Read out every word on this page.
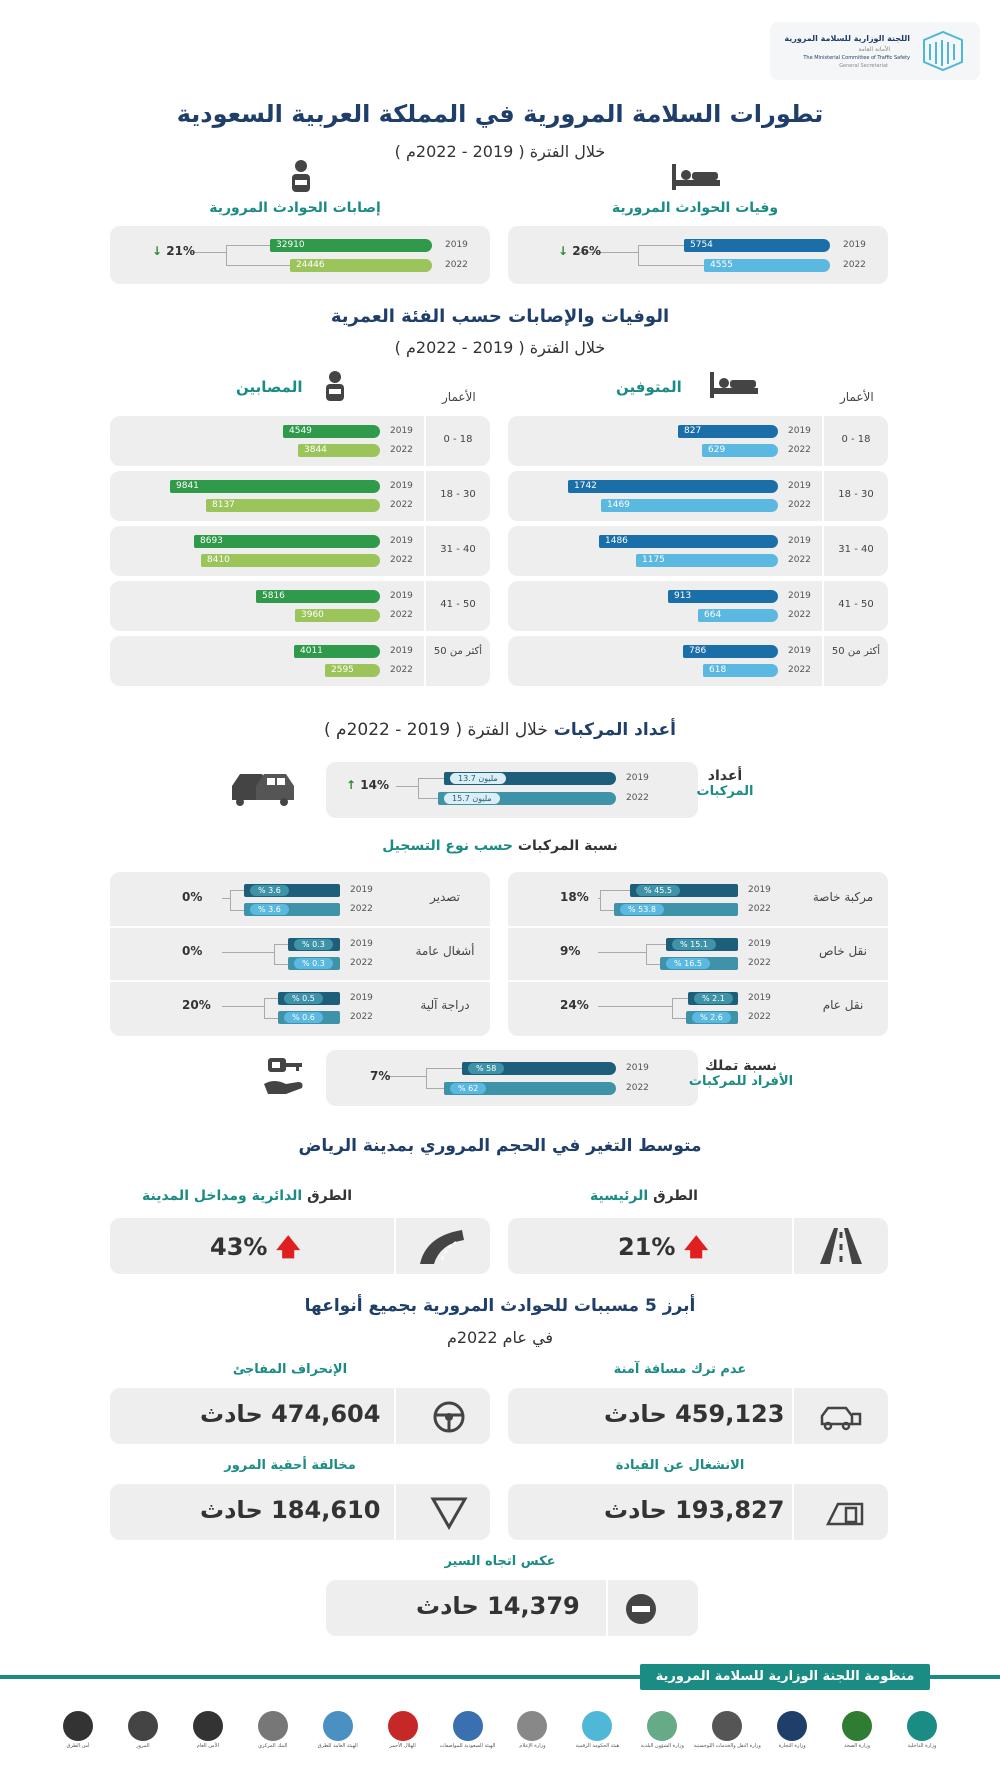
اللجنة الوزارية للسلامة المرورية
الأمانة العامة
The Ministerial Committee of Traffic Safety
General Secretariat
تطورات السلامة المرورية في المملكة العربية السعودية
خلال الفترة ( 2019 - 2022م )
وفيات الحوادث المرورية
5754
4555
2019
2022
↓ 26%
إصابات الحوادث المرورية
32910
24446
2019
2022
↓ 21%
الوفيات والإصابات حسب الفئة العمرية
خلال الفترة ( 2019 - 2022م )
الأعمار
المتوفين
الأعمار
المصابين
18 - 0
2019
2022
827
629
18 - 0
2019
2022
4549
3844
30 - 18
2019
2022
1742
1469
30 - 18
2019
2022
9841
8137
40 - 31
2019
2022
1486
1175
40 - 31
2019
2022
8693
8410
50 - 41
2019
2022
913
664
50 - 41
2019
2022
5816
3960
أكثر من 50
2019
2022
786
618
أكثر من 50
2019
2022
4011
2595
أعداد المركبات خلال الفترة ( 2019 - 2022م )
13.7 مليون
15.7 مليون
2019
2022
↑ 14%
أعداد
المركبات
نسبة المركبات حسب نوع التسجيل
مركبة خاصة
2019
2022
% 45.5
% 53.8
18%
تصدير
2019
2022
% 3.6
% 3.6
0%
نقل خاص
2019
2022
% 15.1
% 16.5
9%
أشغال عامة
2019
2022
% 0.3
% 0.3
0%
نقل عام
2019
2022
% 2.1
% 2.6
24%
دراجة آلية
2019
2022
% 0.5
% 0.6
20%
% 58
% 62
2019
2022
7%
نسبة تملك
الأفراد للمركبات
متوسط التغير في الحجم المروري بمدينة الرياض
الطرق الرئيسية
الطرق الدائرية ومداخل المدينة
🡅 21%
🡅 43%
أبرز 5 مسببات للحوادث المرورية بجميع أنواعها
في عام 2022م
عدم ترك مسافة آمنة
459,123 حادث
الإنحراف المفاجئ
474,604 حادث
الانشغال عن القيادة
193,827 حادث
مخالفة أحقية المرور
184,610 حادث
عكس اتجاه السير
14,379 حادث
منظومة اللجنة الوزارية للسلامة المرورية
وزارة الداخلية
وزارة الصحة
وزارة التجارة
وزارة النقل والخدمات اللوجستية
وزارة الشؤون البلدية
هيئة الحكومة الرقمية
وزارة الإعلام
الهيئة السعودية للمواصفات
الهلال الأحمر
الهيئة العامة للطرق
البنك المركزي
الأمن العام
المرور
أمن الطرق
